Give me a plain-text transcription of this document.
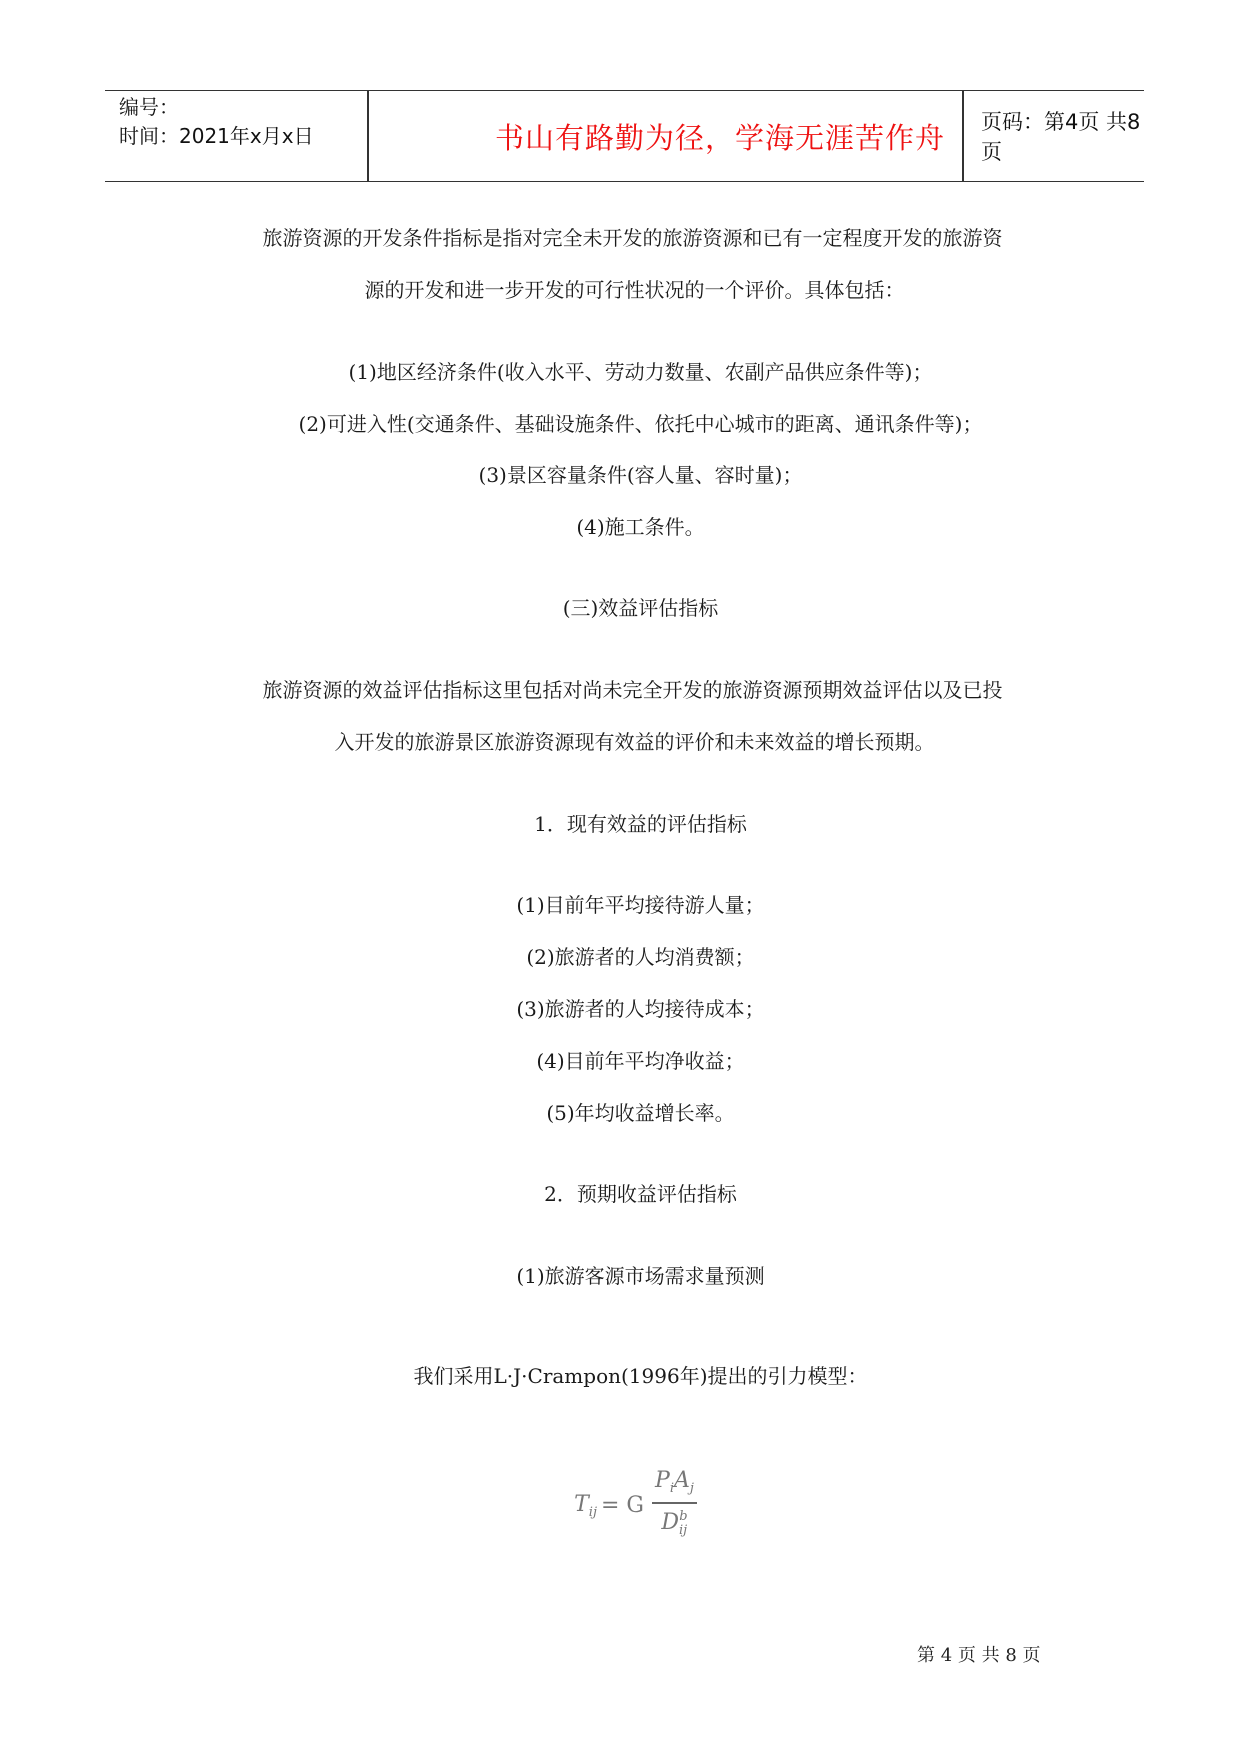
编号：
时间：2021年x月x日	书山有路勤为径，学海无涯苦作舟	页码：第4页 共8页
旅游资源的开发条件指标是指对完全未开发的旅游资源和已有一定程度开发的旅游资
源的开发和进一步开发的可行性状况的一个评价。具体包括：
(1)地区经济条件(收入水平、劳动力数量、农副产品供应条件等)；
(2)可进入性(交通条件、基础设施条件、依托中心城市的距离、通讯条件等)；
(3)景区容量条件(容人量、容时量)；
(4)施工条件。
(三)效益评估指标
旅游资源的效益评估指标这里包括对尚未完全开发的旅游资源预期效益评估以及已投
入开发的旅游景区旅游资源现有效益的评价和未来效益的增长预期。
1．现有效益的评估指标
(1)目前年平均接待游人量；
(2)旅游者的人均消费额；
(3)旅游者的人均接待成本；
(4)目前年平均净收益；
(5)年均收益增长率。
2．预期收益评估指标
(1)旅游客源市场需求量预测
我们采用L·J·Crampon(1996年)提出的引力模型：
$T_{ij} = G \frac{P_iA_j}{D_{ij}^b}$
第 4 页 共 8 页
